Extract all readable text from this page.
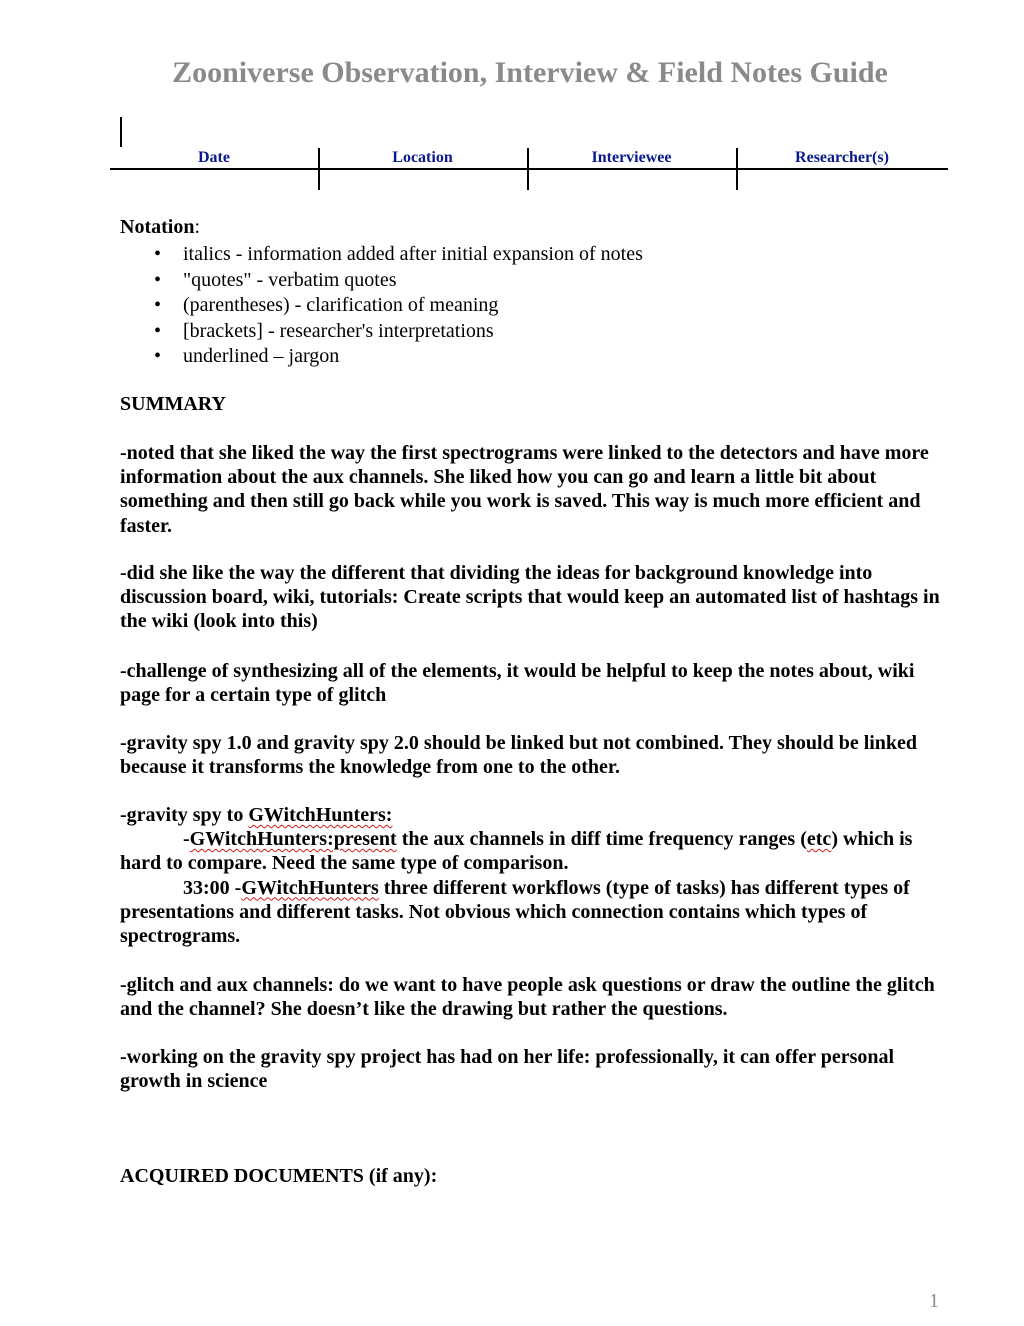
Zooniverse Observation, Interview & Field Notes Guide
Date	Location	Interviewee	Researcher(s)
Notation:
• italics - information added after initial expansion of notes
• "quotes" - verbatim quotes
• (parentheses) - clarification of meaning
• [brackets] - researcher's interpretations
• underlined – jargon
SUMMARY
-noted that she liked the way the first spectrograms were linked to the detectors and have more information about the aux channels. She liked how you can go and learn a little bit about something and then still go back while you work is saved. This way is much more efficient and faster.
-did she like the way the different that dividing the ideas for background knowledge into discussion board, wiki, tutorials: Create scripts that would keep an automated list of hashtags in the wiki (look into this)
-challenge of synthesizing all of the elements, it would be helpful to keep the notes about, wiki page for a certain type of glitch
-gravity spy 1.0 and gravity spy 2.0 should be linked but not combined. They should be linked because it transforms the knowledge from one to the other.
-gravity spy to GWitchHunters:
-GWitchHunters:present the aux channels in diff time frequency ranges (etc) which is hard to compare. Need the same type of comparison.
33:00 -GWitchHunters three different workflows (type of tasks) has different types of presentations and different tasks. Not obvious which connection contains which types of spectrograms.
-glitch and aux channels: do we want to have people ask questions or draw the outline the glitch and the channel? She doesn’t like the drawing but rather the questions.
-working on the gravity spy project has had on her life: professionally, it can offer personal growth in science
ACQUIRED DOCUMENTS (if any):
1
